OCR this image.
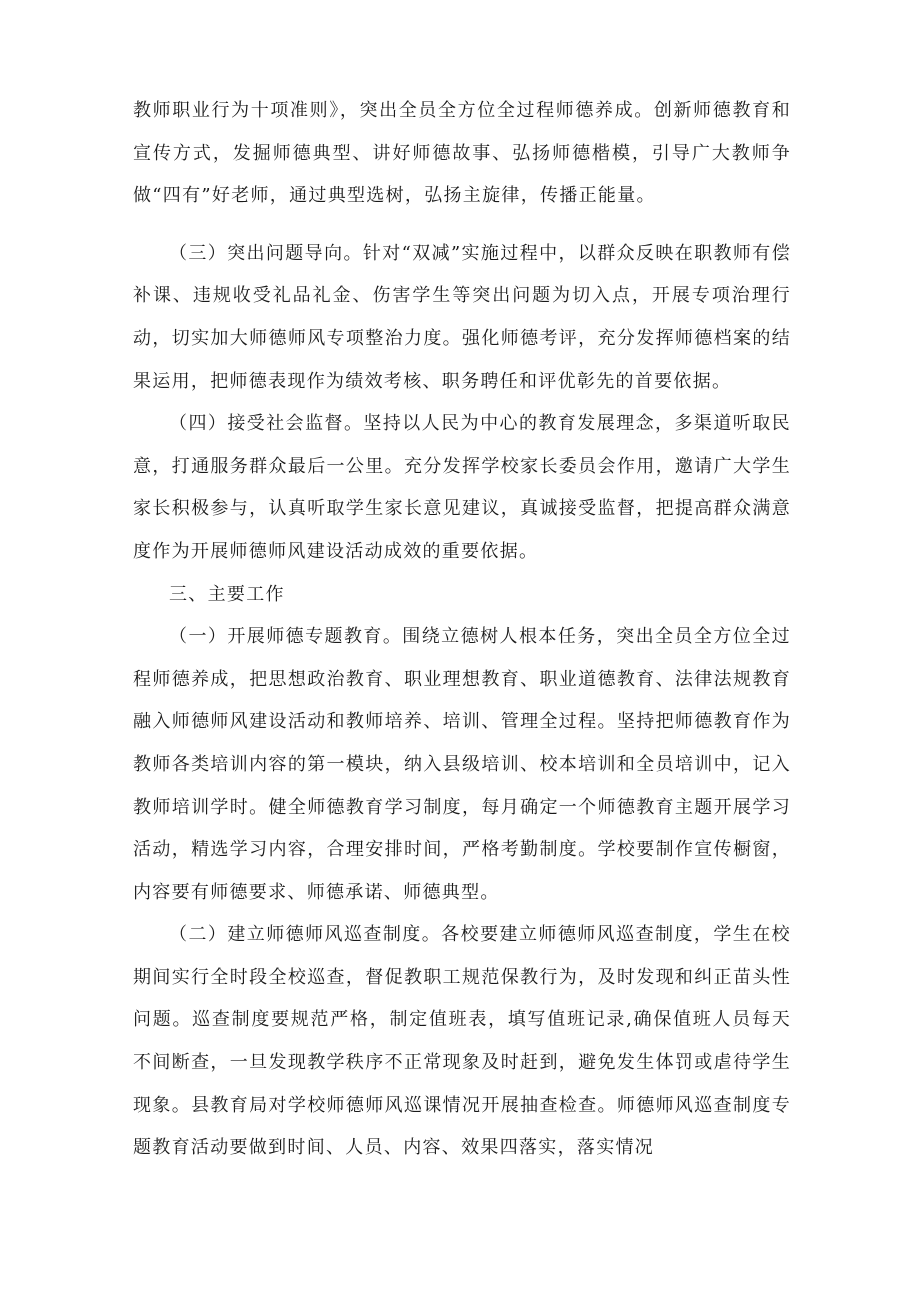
教师职业行为十项准则》，突出全员全方位全过程师德养成。创新师德教育和宣传方式，发掘师德典型、讲好师德故事、弘扬师德楷模，引导广大教师争做“四有”好老师，通过典型选树，弘扬主旋律，传播正能量。

（三）突出问题导向。针对“双减”实施过程中，以群众反映在职教师有偿补课、违规收受礼品礼金、伤害学生等突出问题为切入点，开展专项治理行动，切实加大师德师风专项整治力度。强化师德考评，充分发挥师德档案的结果运用，把师德表现作为绩效考核、职务聘任和评优彰先的首要依据。

（四）接受社会监督。坚持以人民为中心的教育发展理念，多渠道听取民意，打通服务群众最后一公里。充分发挥学校家长委员会作用，邀请广大学生家长积极参与，认真听取学生家长意见建议，真诚接受监督，把提高群众满意度作为开展师德师风建设活动成效的重要依据。

三、主要工作

（一）开展师德专题教育。围绕立德树人根本任务，突出全员全方位全过程师德养成，把思想政治教育、职业理想教育、职业道德教育、法律法规教育融入师德师风建设活动和教师培养、培训、管理全过程。坚持把师德教育作为教师各类培训内容的第一模块，纳入县级培训、校本培训和全员培训中，记入教师培训学时。健全师德教育学习制度，每月确定一个师德教育主题开展学习活动，精选学习内容，合理安排时间，严格考勤制度。学校要制作宣传橱窗，内容要有师德要求、师德承诺、师德典型。

（二）建立师德师风巡查制度。各校要建立师德师风巡查制度，学生在校期间实行全时段全校巡查，督促教职工规范保教行为，及时发现和纠正苗头性问题。巡查制度要规范严格，制定值班表，填写值班记录,确保值班人员每天不间断查，一旦发现教学秩序不正常现象及时赶到，避免发生体罚或虐待学生现象。县教育局对学校师德师风巡课情况开展抽查检查。师德师风巡查制度专题教育活动要做到时间、人员、内容、效果四落实，落实情况
